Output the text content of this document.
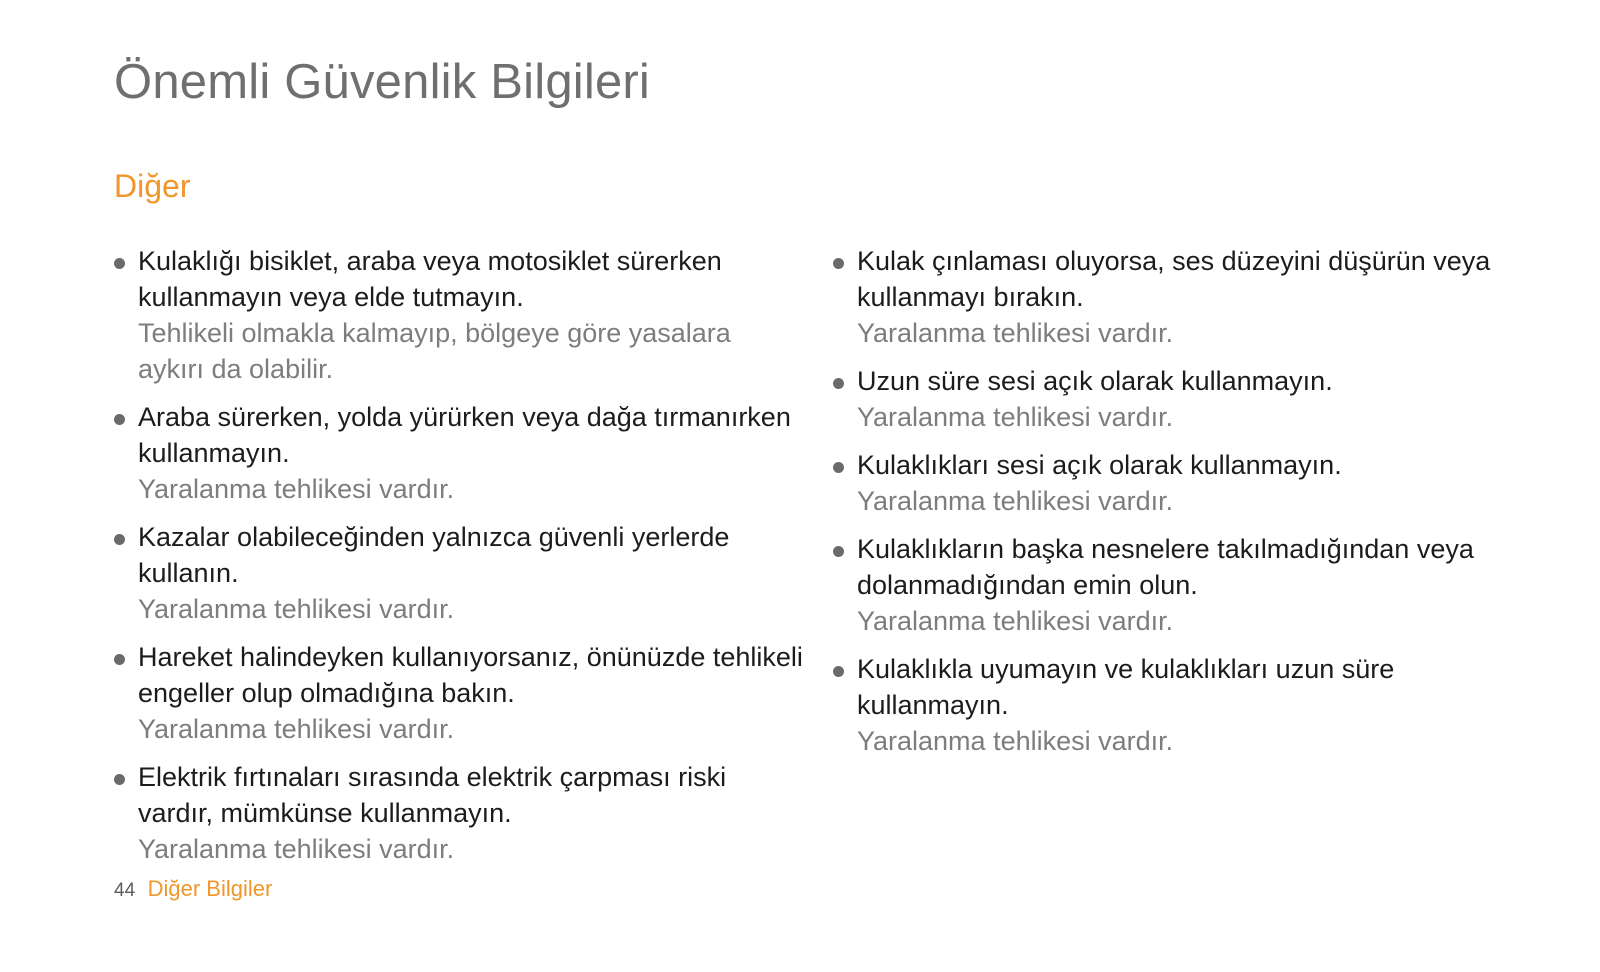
Önemli Güvenlik Bilgileri
Diğer
Kulaklığı bisiklet, araba veya motosiklet sürerken kullanmayın veya elde tutmayın.
Tehlikeli olmakla kalmayıp, bölgeye göre yasalara aykırı da olabilir.
Araba sürerken, yolda yürürken veya dağa tırmanırken kullanmayın.
Yaralanma tehlikesi vardır.
Kazalar olabileceğinden yalnızca güvenli yerlerde kullanın.
Yaralanma tehlikesi vardır.
Hareket halindeyken kullanıyorsanız, önünüzde tehlikeli engeller olup olmadığına bakın.
Yaralanma tehlikesi vardır.
Elektrik fırtınaları sırasında elektrik çarpması riski vardır, mümkünse kullanmayın.
Yaralanma tehlikesi vardır.
Kulak çınlaması oluyorsa, ses düzeyini düşürün veya kullanmayı bırakın.
Yaralanma tehlikesi vardır.
Uzun süre sesi açık olarak kullanmayın.
Yaralanma tehlikesi vardır.
Kulaklıkları sesi açık olarak kullanmayın.
Yaralanma tehlikesi vardır.
Kulaklıkların başka nesnelere takılmadığından veya dolanmadığından emin olun.
Yaralanma tehlikesi vardır.
Kulaklıkla uyumayın ve kulaklıkları uzun süre kullanmayın.
Yaralanma tehlikesi vardır.
44 Diğer Bilgiler
